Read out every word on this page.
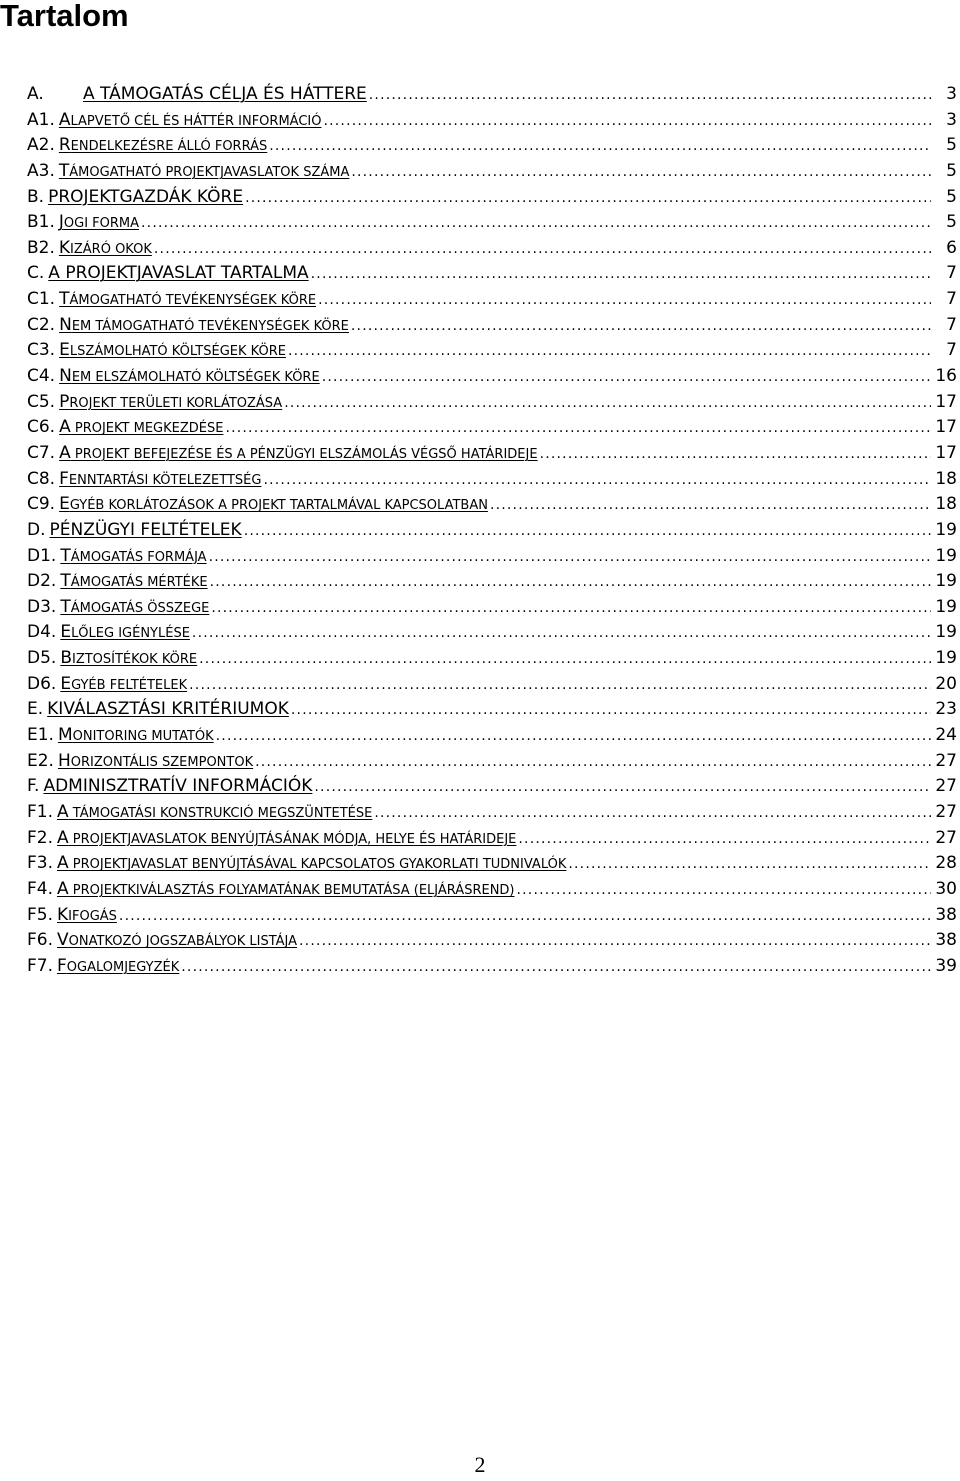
Tartalom
A.	A TÁMOGATÁS CÉLJA ÉS HÁTTERE .....	3
A1. ALAPVETŐ CÉL ÉS HÁTTÉR INFORMÁCIÓ .....	3
A2. RENDELKEZÉSRE ÁLLÓ FORRÁS .....	5
A3. TÁMOGATHATÓ PROJEKTJAVASLATOK SZÁMA .....	5
B. PROJEKTGAZDÁK KÖRE .....	5
B1. JOGI FORMA .....	5
B2. KIZÁRÓ OKOK .....	6
C. A PROJEKTJAVASLAT TARTALMA .....	7
C1. TÁMOGATHATÓ TEVÉKENYSÉGEK KÖRE .....	7
C2. NEM TÁMOGATHATÓ TEVÉKENYSÉGEK KÖRE .....	7
C3. ELSZÁMOLHATÓ KÖLTSÉGEK KÖRE .....	7
C4. NEM ELSZÁMOLHATÓ KÖLTSÉGEK KÖRE .....	16
C5. PROJEKT TERÜLETI KORLÁTOZÁSA .....	17
C6. A PROJEKT MEGKEZDÉSE .....	17
C7. A PROJEKT BEFEJEZÉSE ÉS A PÉNZÜGYI ELSZÁMOLÁS VÉGSŐ HATÁRIDEJE .....	17
C8. FENNTARTÁSI KÖTELEZETTSÉG .....	18
C9. EGYÉB KORLÁTOZÁSOK A PROJEKT TARTALMÁVAL KAPCSOLATBAN .....	18
D. PÉNZÜGYI FELTÉTELEK .....	19
D1. TÁMOGATÁS FORMÁJA .....	19
D2. TÁMOGATÁS MÉRTÉKE .....	19
D3. TÁMOGATÁS ÖSSZEGE .....	19
D4. ELŐLEG IGÉNYLÉSE .....	19
D5. BIZTOSÍTÉKOK KÖRE .....	19
D6. EGYÉB FELTÉTELEK .....	20
E. KIVÁLASZTÁSI KRITÉRIUMOK .....	23
E1. MONITORING MUTATÓK .....	24
E2. HORIZONTÁLIS SZEMPONTOK .....	27
F. ADMINISZTRATÍV INFORMÁCIÓK .....	27
F1. A TÁMOGATÁSI KONSTRUKCIÓ MEGSZÜNTETÉSE .....	27
F2. A PROJEKTJAVASLATOK BENYÚJTÁSÁNAK MÓDJA, HELYE ÉS HATÁRIDEJE .....	27
F3. A PROJEKTJAVASLAT BENYÚJTÁSÁVAL KAPCSOLATOS GYAKORLATI TUDNIVALÓK .....	28
F4. A PROJEKTKIVÁLASZTÁS FOLYAMATÁNAK BEMUTATÁSA (ELJÁRÁSREND) .....	30
F5. KIFOGÁS .....	38
F6. VONATKOZÓ JOGSZABÁLYOK LISTÁJA .....	38
F7. FOGALOMJEGYZÉK .....	39
2
